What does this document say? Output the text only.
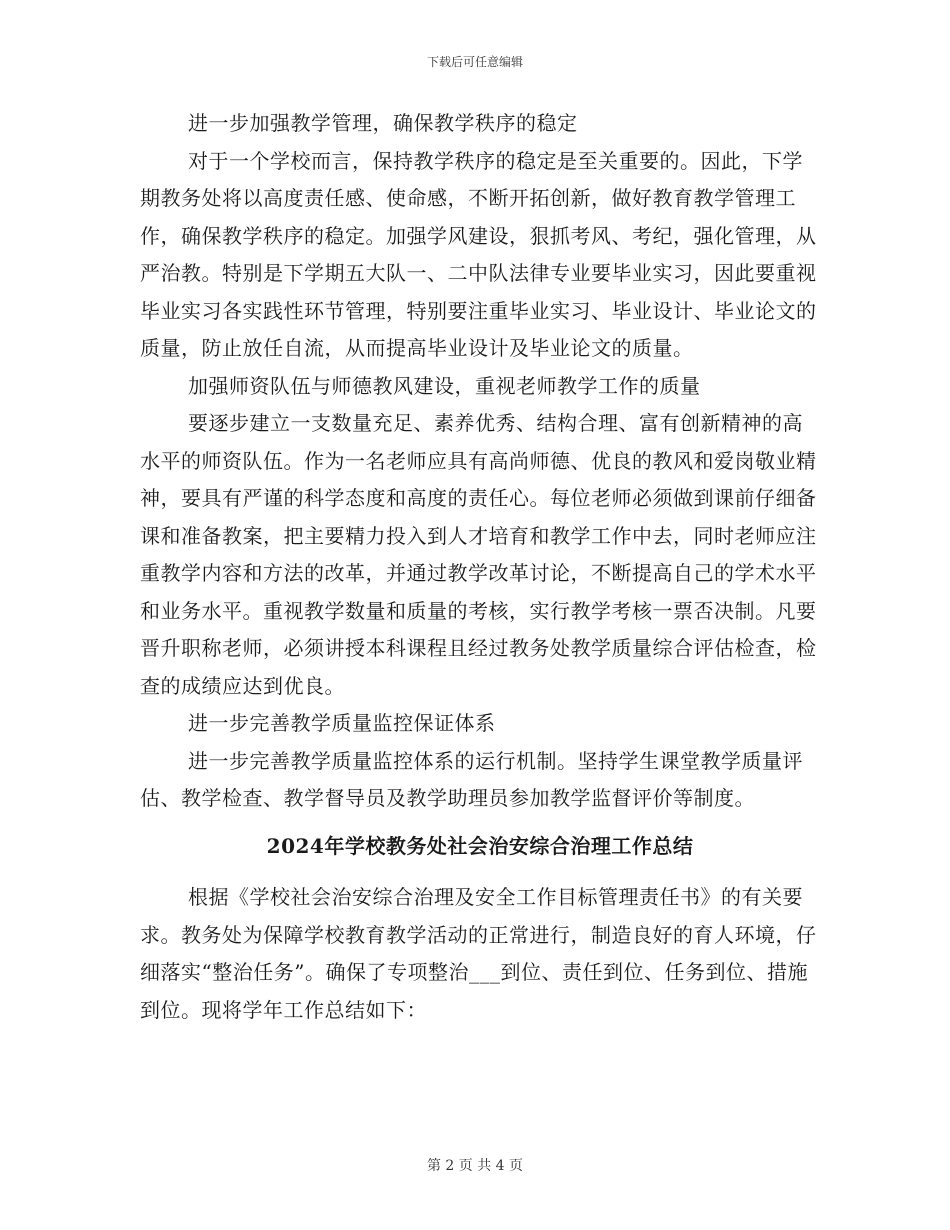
下载后可任意编辑

进一步加强教学管理，确保教学秩序的稳定

对于一个学校而言，保持教学秩序的稳定是至关重要的。因此，下学期教务处将以高度责任感、使命感，不断开拓创新，做好教育教学管理工作，确保教学秩序的稳定。加强学风建设，狠抓考风、考纪，强化管理，从严治教。特别是下学期五大队一、二中队法律专业要毕业实习，因此要重视毕业实习各实践性环节管理，特别要注重毕业实习、毕业设计、毕业论文的质量，防止放任自流，从而提高毕业设计及毕业论文的质量。

加强师资队伍与师德教风建设，重视老师教学工作的质量

要逐步建立一支数量充足、素养优秀、结构合理、富有创新精神的高水平的师资队伍。作为一名老师应具有高尚师德、优良的教风和爱岗敬业精神，要具有严谨的科学态度和高度的责任心。每位老师必须做到课前仔细备课和准备教案，把主要精力投入到人才培育和教学工作中去，同时老师应注重教学内容和方法的改革，并通过教学改革讨论，不断提高自己的学术水平和业务水平。重视教学数量和质量的考核，实行教学考核一票否决制。凡要晋升职称老师，必须讲授本科课程且经过教务处教学质量综合评估检查，检查的成绩应达到优良。

进一步完善教学质量监控保证体系

进一步完善教学质量监控体系的运行机制。坚持学生课堂教学质量评估、教学检查、教学督导员及教学助理员参加教学监督评价等制度。

2024年学校教务处社会治安综合治理工作总结

根据《学校社会治安综合治理及安全工作目标管理责任书》的有关要求。教务处为保障学校教育教学活动的正常进行，制造良好的育人环境，仔细落实“整治任务”。确保了专项整治___到位、责任到位、任务到位、措施到位。现将学年工作总结如下：

第 2 页 共 4 页
